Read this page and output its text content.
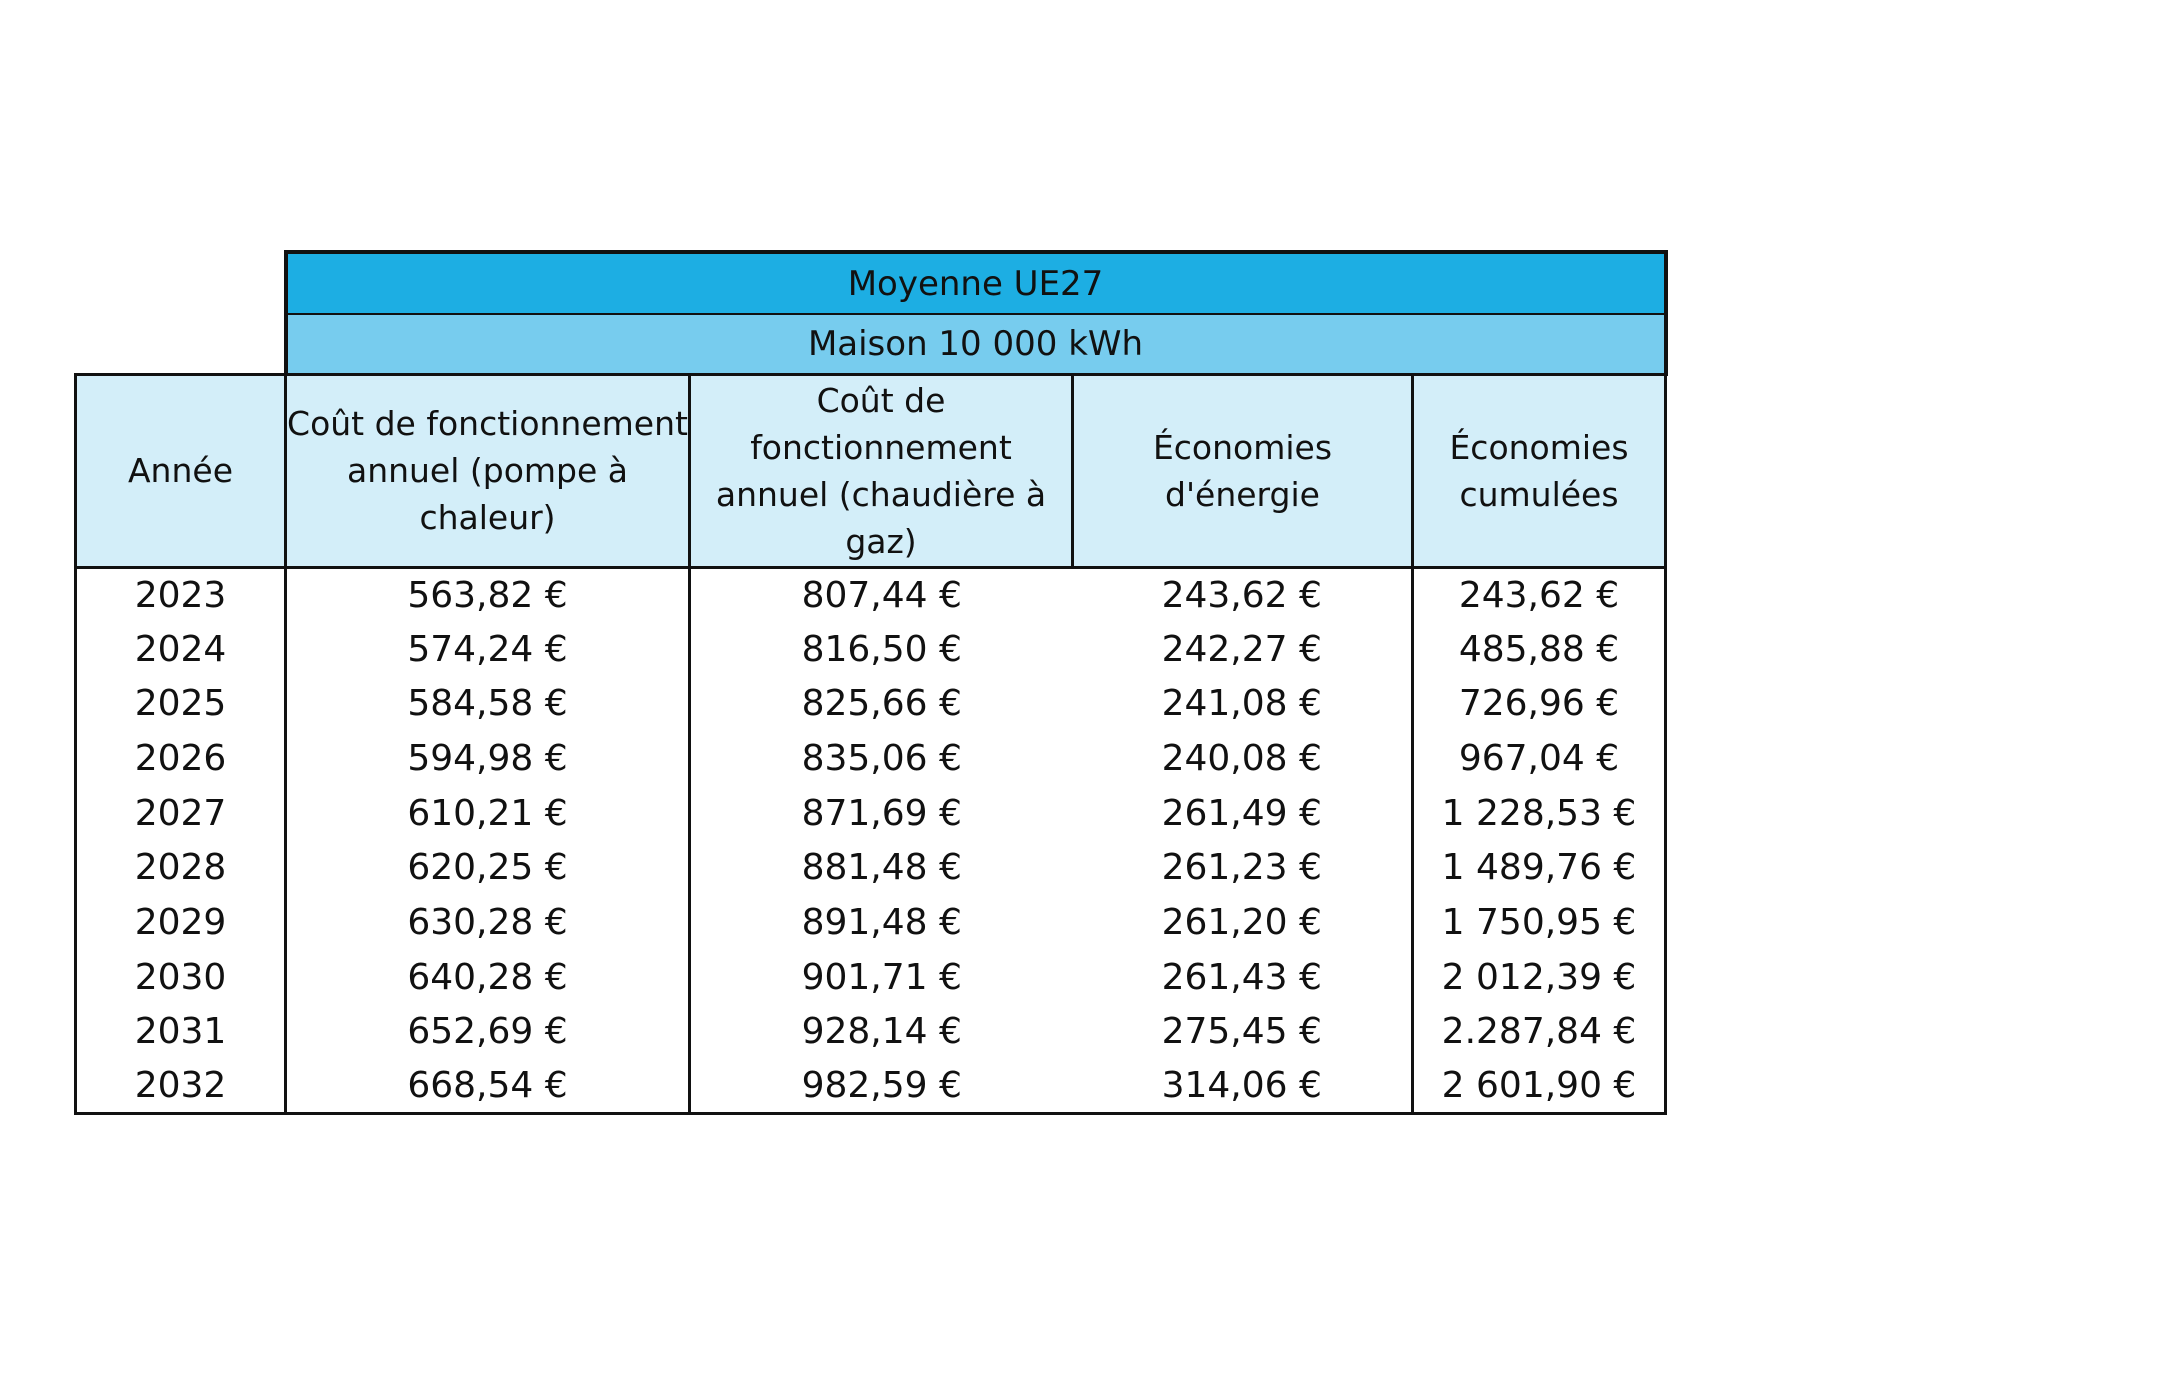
	Moyenne UE27			
	Maison 10 000 kWh			
Année	Coût de fonctionnement annuel (pompe à chaleur)	Coût de fonctionnement annuel (chaudière à gaz)	Économies d'énergie	Économies cumulées
2023	563,82 €	807,44 €	243,62 €	243,62 €
2024	574,24 €	816,50 €	242,27 €	485,88 €
2025	584,58 €	825,66 €	241,08 €	726,96 €
2026	594,98 €	835,06 €	240,08 €	967,04 €
2027	610,21 €	871,69 €	261,49 €	1 228,53 €
2028	620,25 €	881,48 €	261,23 €	1 489,76 €
2029	630,28 €	891,48 €	261,20 €	1 750,95 €
2030	640,28 €	901,71 €	261,43 €	2 012,39 €
2031	652,69 €	928,14 €	275,45 €	2.287,84 €
2032	668,54 €	982,59 €	314,06 €	2 601,90 €
